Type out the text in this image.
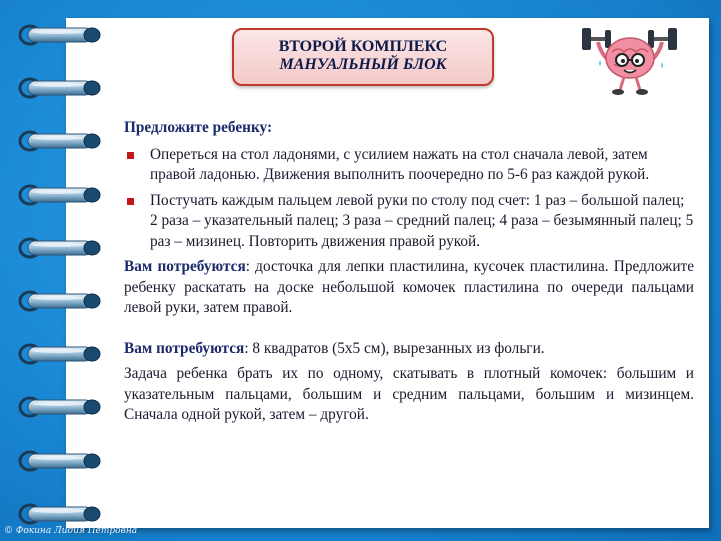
ВТОРОЙ КОМПЛЕКС
МАНУАЛЬНЫЙ БЛОК

Предложите ребенку:

Опереться на стол ладонями, с усилием нажать на стол сначала левой, затем правой ладонью. Движения выполнить поочередно по 5-6 раз каждой рукой.
Постучать каждым пальцем левой руки по столу под счет: 1 раз – большой палец; 2 раза – указательный палец; 3 раза – средний палец; 4 раза – безымянный палец; 5 раз – мизинец. Повторить движения правой рукой.

Вам потребуются: досточка для лепки пластилина, кусочек пластилина. Предложите ребенку раскатать на доске небольшой комочек пластилина по очереди пальцами левой руки, затем правой.

Вам потребуются: 8 квадратов (5х5 см), вырезанных из фольги.

Задача ребенка брать их по одному, скатывать в плотный комочек: большим и указательным пальцами, большим и средним пальцами, большим и мизинцем. Сначала одной рукой, затем – другой.

© Фокина Лидия Петровна
